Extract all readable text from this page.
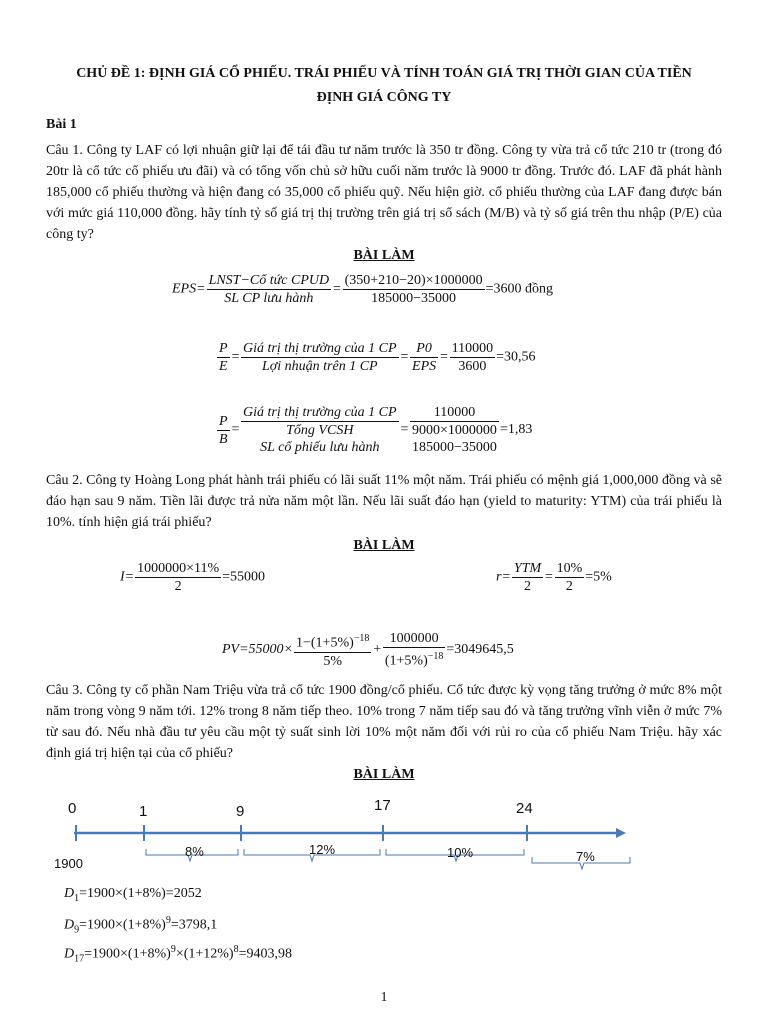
CHỦ ĐỀ 1: ĐỊNH GIÁ CỔ PHIẾU. TRÁI PHIẾU VÀ TÍNH TOÁN GIÁ TRỊ THỜI GIAN CỦA TIỀN
ĐỊNH GIÁ CÔNG TY
Bài 1
Câu 1. Công ty LAF có lợi nhuận giữ lại để tái đầu tư năm trước là 350 tr đồng. Công ty vừa trả cổ tức 210 tr (trong đó 20tr là cổ tức cổ phiếu ưu đãi) và có tổng vốn chủ sở hữu cuối năm trước là 9000 tr đồng. Trước đó. LAF đã phát hành 185,000 cổ phiếu thường và hiện đang có 35,000 cổ phiếu quỹ. Nếu hiện giờ. cổ phiếu thường của LAF đang được bán với mức giá 110,000 đồng. hãy tính tỷ số giá trị thị trường trên giá trị sổ sách (M/B) và tỷ số giá trên thu nhập (P/E) của công ty?
BÀI LÀM
$EPS= \frac{\text{LNST−Cổ tức CPUD}}{\text{SL CP lưu hành}} = \frac{(350+210-20)\times 1000000}{185000-35000} =3600$ đồng
$\frac{P}{E} = \frac{\text{Giá trị thị trường của 1 CP}}{\text{Lợi nhuận trên 1 CP}} = \frac{P0}{\text{EPS}} = \frac{110000}{3600} =30,56$
$\frac{P}{B}$ = Giá trị thị trường của 1 CP
Tổng VCSH
SL cổ phiếu lưu hành = 110000
9000×1000000
185000−35000 =1,83
Câu 2. Công ty Hoàng Long phát hành trái phiếu có lãi suất 11% một năm. Trái phiếu có mệnh giá 1,000,000 đồng và sẽ đáo hạn sau 9 năm. Tiền lãi được trả nửa năm một lần. Nếu lãi suất đáo hạn (yield to maturity: YTM) của trái phiếu là 10%. tính hiện giá trái phiếu?
BÀI LÀM
$I= \frac{1000000\times 11\%}{2} =55000$	$r= \frac{\text{YTM}}{2} = \frac{10\%}{2} =5\%$
$PV=55000\times \frac{1-(1+5\%)^{-18}}{5\%} + \frac{1000000}{(1+5\%)^{-18}} =3049645,5$
Câu 3. Công ty cổ phần Nam Triệu vừa trả cổ tức 1900 đồng/cổ phiếu. Cổ tức được kỳ vọng tăng trưởng ở mức 8% một năm trong vòng 9 năm tới. 12% trong 8 năm tiếp theo. 10% trong 7 năm tiếp sau đó và tăng trưởng vĩnh viễn ở mức 7% từ sau đó. Nếu nhà đầu tư yêu cầu một tỷ suất sinh lời 10% một năm đối với rủi ro của cổ phiếu Nam Triệu. hãy xác định giá trị hiện tại của cổ phiếu?
BÀI LÀM
0	1	9	17	24
1900
8%	12%	10%	7%
$D_1=1900\times(1+8\%)=2052$
$D_9=1900\times(1+8\%)^9=3798,1$
$D_{17}=1900\times(1+8\%)^9\times(1+12\%)^8=9403,98$
1
